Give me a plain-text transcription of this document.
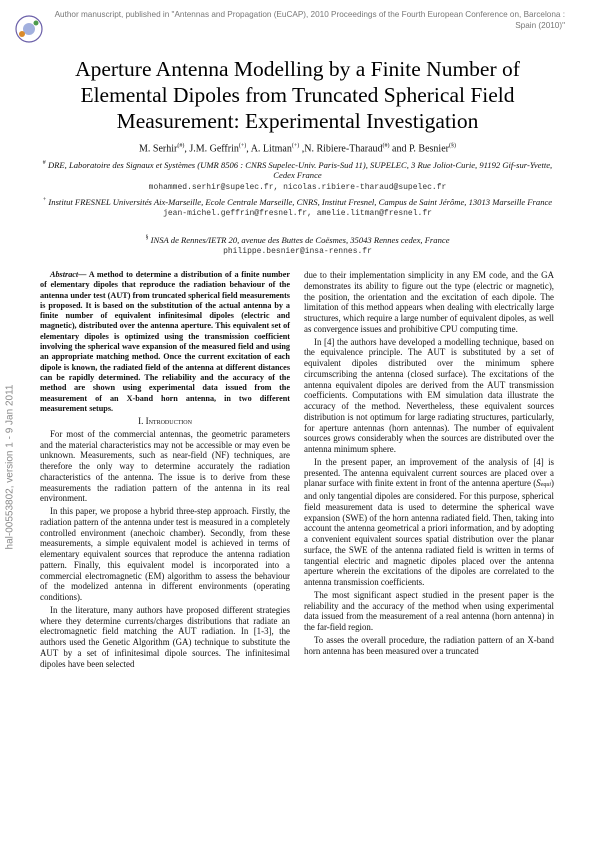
Author manuscript, published in "Antennas and Propagation (EuCAP), 2010 Proceedings of the Fourth European Conference on, Barcelona : Spain (2010)"
hal-00553802, version 1 - 9 Jan 2011
Aperture Antenna Modelling by a Finite Number of Elemental Dipoles from Truncated Spherical Field Measurement: Experimental Investigation
M. Serhir(#), J.M. Geffrin(+), A. Litman(+) ,N. Ribiere-Tharaud(#) and P. Besnier(§)
# DRE, Laboratoire des Signaux et Systèmes (UMR 8506 : CNRS Supelec-Univ. Paris-Sud 11), SUPELEC, 3 Rue Joliot-Curie, 91192 Gif-sur-Yvette, Cedex France
mohammed.serhir@supelec.fr, nicolas.ribiere-tharaud@supelec.fr
+ Institut FRESNEL Universités Aix-Marseille, Ecole Centrale Marseille, CNRS, Institut Fresnel, Campus de Saint Jérôme, 13013 Marseille France
jean-michel.geffrin@fresnel.fr, amelie.litman@fresnel.fr
§ INSA de Rennes/IETR 20, avenue des Buttes de Coësmes, 35043 Rennes cedex, France
philippe.besnier@insa-rennes.fr

Abstract— A method to determine a distribution of a finite number of elementary dipoles that reproduce the radiation behaviour of the antenna under test (AUT) from truncated spherical field measurements is proposed. It is based on the substitution of the actual antenna by a finite number of equivalent infinitesimal dipoles (electric and magnetic), distributed over the antenna aperture. This equivalent set of elementary dipoles is optimized using the transmission coefficient involving the spherical wave expansion of the measured field and using an appropriate matching method. Once the current excitation of each dipole is known, the radiated field of the antenna at different distances can be rapidly determined. The reliability and the accuracy of the method are shown using experimental data issued from the measurement of an X-band horn antenna, in two different measurement setups.

I. Introduction

For most of the commercial antennas, the geometric parameters and the material characteristics may not be accessible or may even be unknown. Measurements, such as near-field (NF) techniques, are therefore the only way to determine accurately the radiation characteristics of the antenna. The issue is to derive from these measurements the radiation pattern of the antenna in its real environment.

In this paper, we propose a hybrid three-step approach. Firstly, the radiation pattern of the antenna under test is measured in a completely controlled environment (anechoic chamber). Secondly, from these measurements, a simple equivalent model is achieved in terms of elementary equivalent sources that reproduce the antenna radiation pattern. Finally, this equivalent model is incorporated into a commercial electromagnetic (EM) algorithm to assess the behaviour of the modelized antenna in different environments (operating conditions).

In the literature, many authors have proposed different strategies where they determine currents/charges distributions that radiate an electromagnetic field matching the AUT radiation. In [1-3], the authors used the Genetic Algorithm (GA) technique to substitute the AUT by a set of infinitesimal dipole sources. The infinitesimal dipoles have been selected

due to their implementation simplicity in any EM code, and the GA demonstrates its ability to figure out the type (electric or magnetic), the position, the orientation and the excitation of each dipole. The limitation of this method appears when dealing with electrically large structures, which require a large number of equivalent dipoles, as well as convergence issues and prohibitive CPU computing time.

In [4] the authors have developed a modelling technique, based on the equivalence principle. The AUT is substituted by a set of equivalent dipoles distributed over the minimum sphere circumscribing the antenna (closed surface). The excitations of the antenna equivalent dipoles are derived from the AUT transmission coefficients. Computations with EM simulation data illustrate the accuracy of the method. Nevertheless, these equivalent sources distribution is not optimum for large radiating structures, particularly, for aperture antennas (horn antennas). The number of equivalent sources grows considerably when the sources are distributed over the antenna minimum sphere.

In the present paper, an improvement of the analysis of [4] is presented. The antenna equivalent current sources are placed over a planar surface with finite extent in front of the antenna aperture (Sequi) and only tangential dipoles are considered. For this purpose, spherical field measurement data is used to determine the spherical wave expansion (SWE) of the horn antenna radiated field. Then, taking into account the antenna geometrical a priori information, and by adopting a convenient equivalent sources spatial distribution over the planar surface, the SWE of the antenna radiated field is written in terms of tangential electric and magnetic dipoles placed over the antenna aperture wherein the excitations of the dipoles are correlated to the antenna transmission coefficients.

The most significant aspect studied in the present paper is the reliability and the accuracy of the method when using experimental data issued from the measurement of a real antenna (horn antenna) in the far-field region.

To asses the overall procedure, the radiation pattern of an X-band horn antenna has been measured over a truncated
